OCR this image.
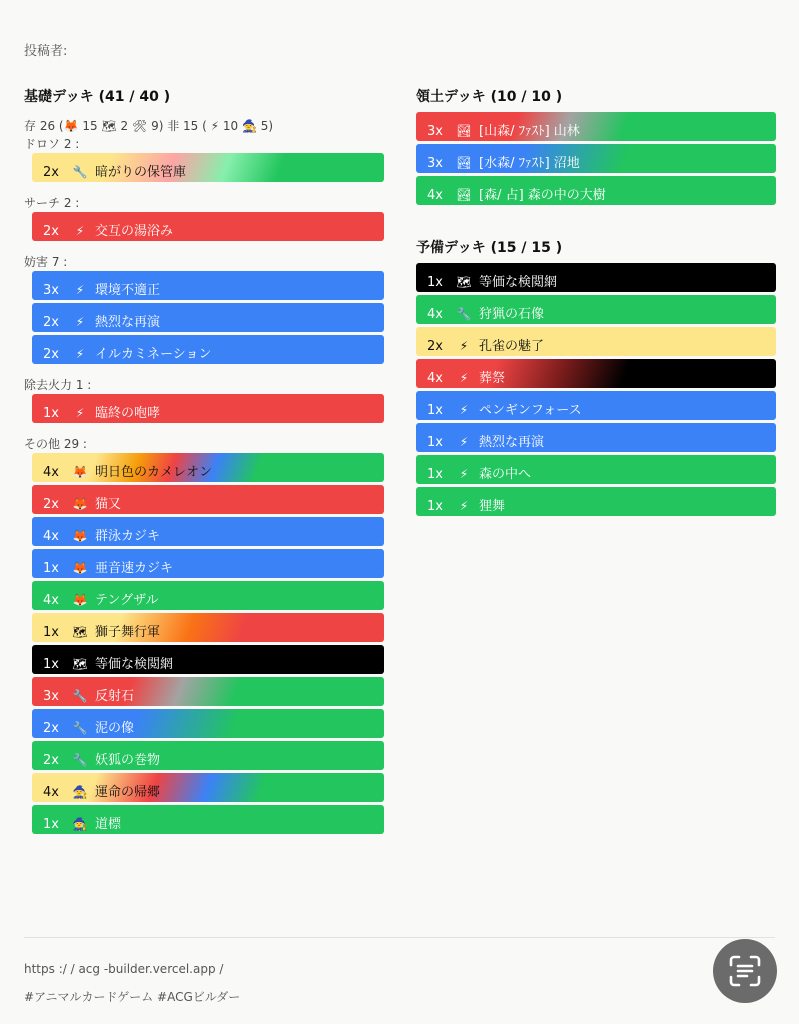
投稿者:
基礎デッキ (41 / 40 )
存 26 (🦊 15 🗺 2 🛠 9) 非 15 ( ⚡ 10 🧙 5)
ドロソ 2 :
2x 🔧 暗がりの保管庫
サーチ 2 :
2x ⚡ 交互の湯浴み
妨害 7 :
3x ⚡ 環境不適正
2x ⚡ 熱烈な再演
2x ⚡ イルカミネーション
除去火力 1 :
1x ⚡ 臨終の咆哮
その他 29 :
4x 🦊 明日色のカメレオン
2x 🦊 猫又
4x 🦊 群泳カジキ
1x 🦊 亜音速カジキ
4x 🦊 テングザル
1x 🗺 獅子舞行軍
1x 🗺 等価な検閲網
3x 🔧 反射石
2x 🔧 泥の像
2x 🔧 妖狐の巻物
4x 🧙 運命の帰郷
1x 🧙 道標
領土デッキ (10 / 10 )
3x 🏞 [山森/ ﾌｧｽﾄ] 山林
3x 🏞 [水森/ ﾌｧｽﾄ] 沼地
4x 🏞 [森/ 占] 森の中の大樹
予備デッキ (15 / 15 )
1x 🗺 等価な検閲網
4x 🔧 狩猟の石像
2x ⚡ 孔雀の魅了
4x ⚡ 葬祭
1x ⚡ ペンギンフォース
1x ⚡ 熱烈な再演
1x ⚡ 森の中へ
1x ⚡ 狸舞
https :/ / acg -builder.vercel.app /
#アニマルカードゲーム #ACGビルダー
